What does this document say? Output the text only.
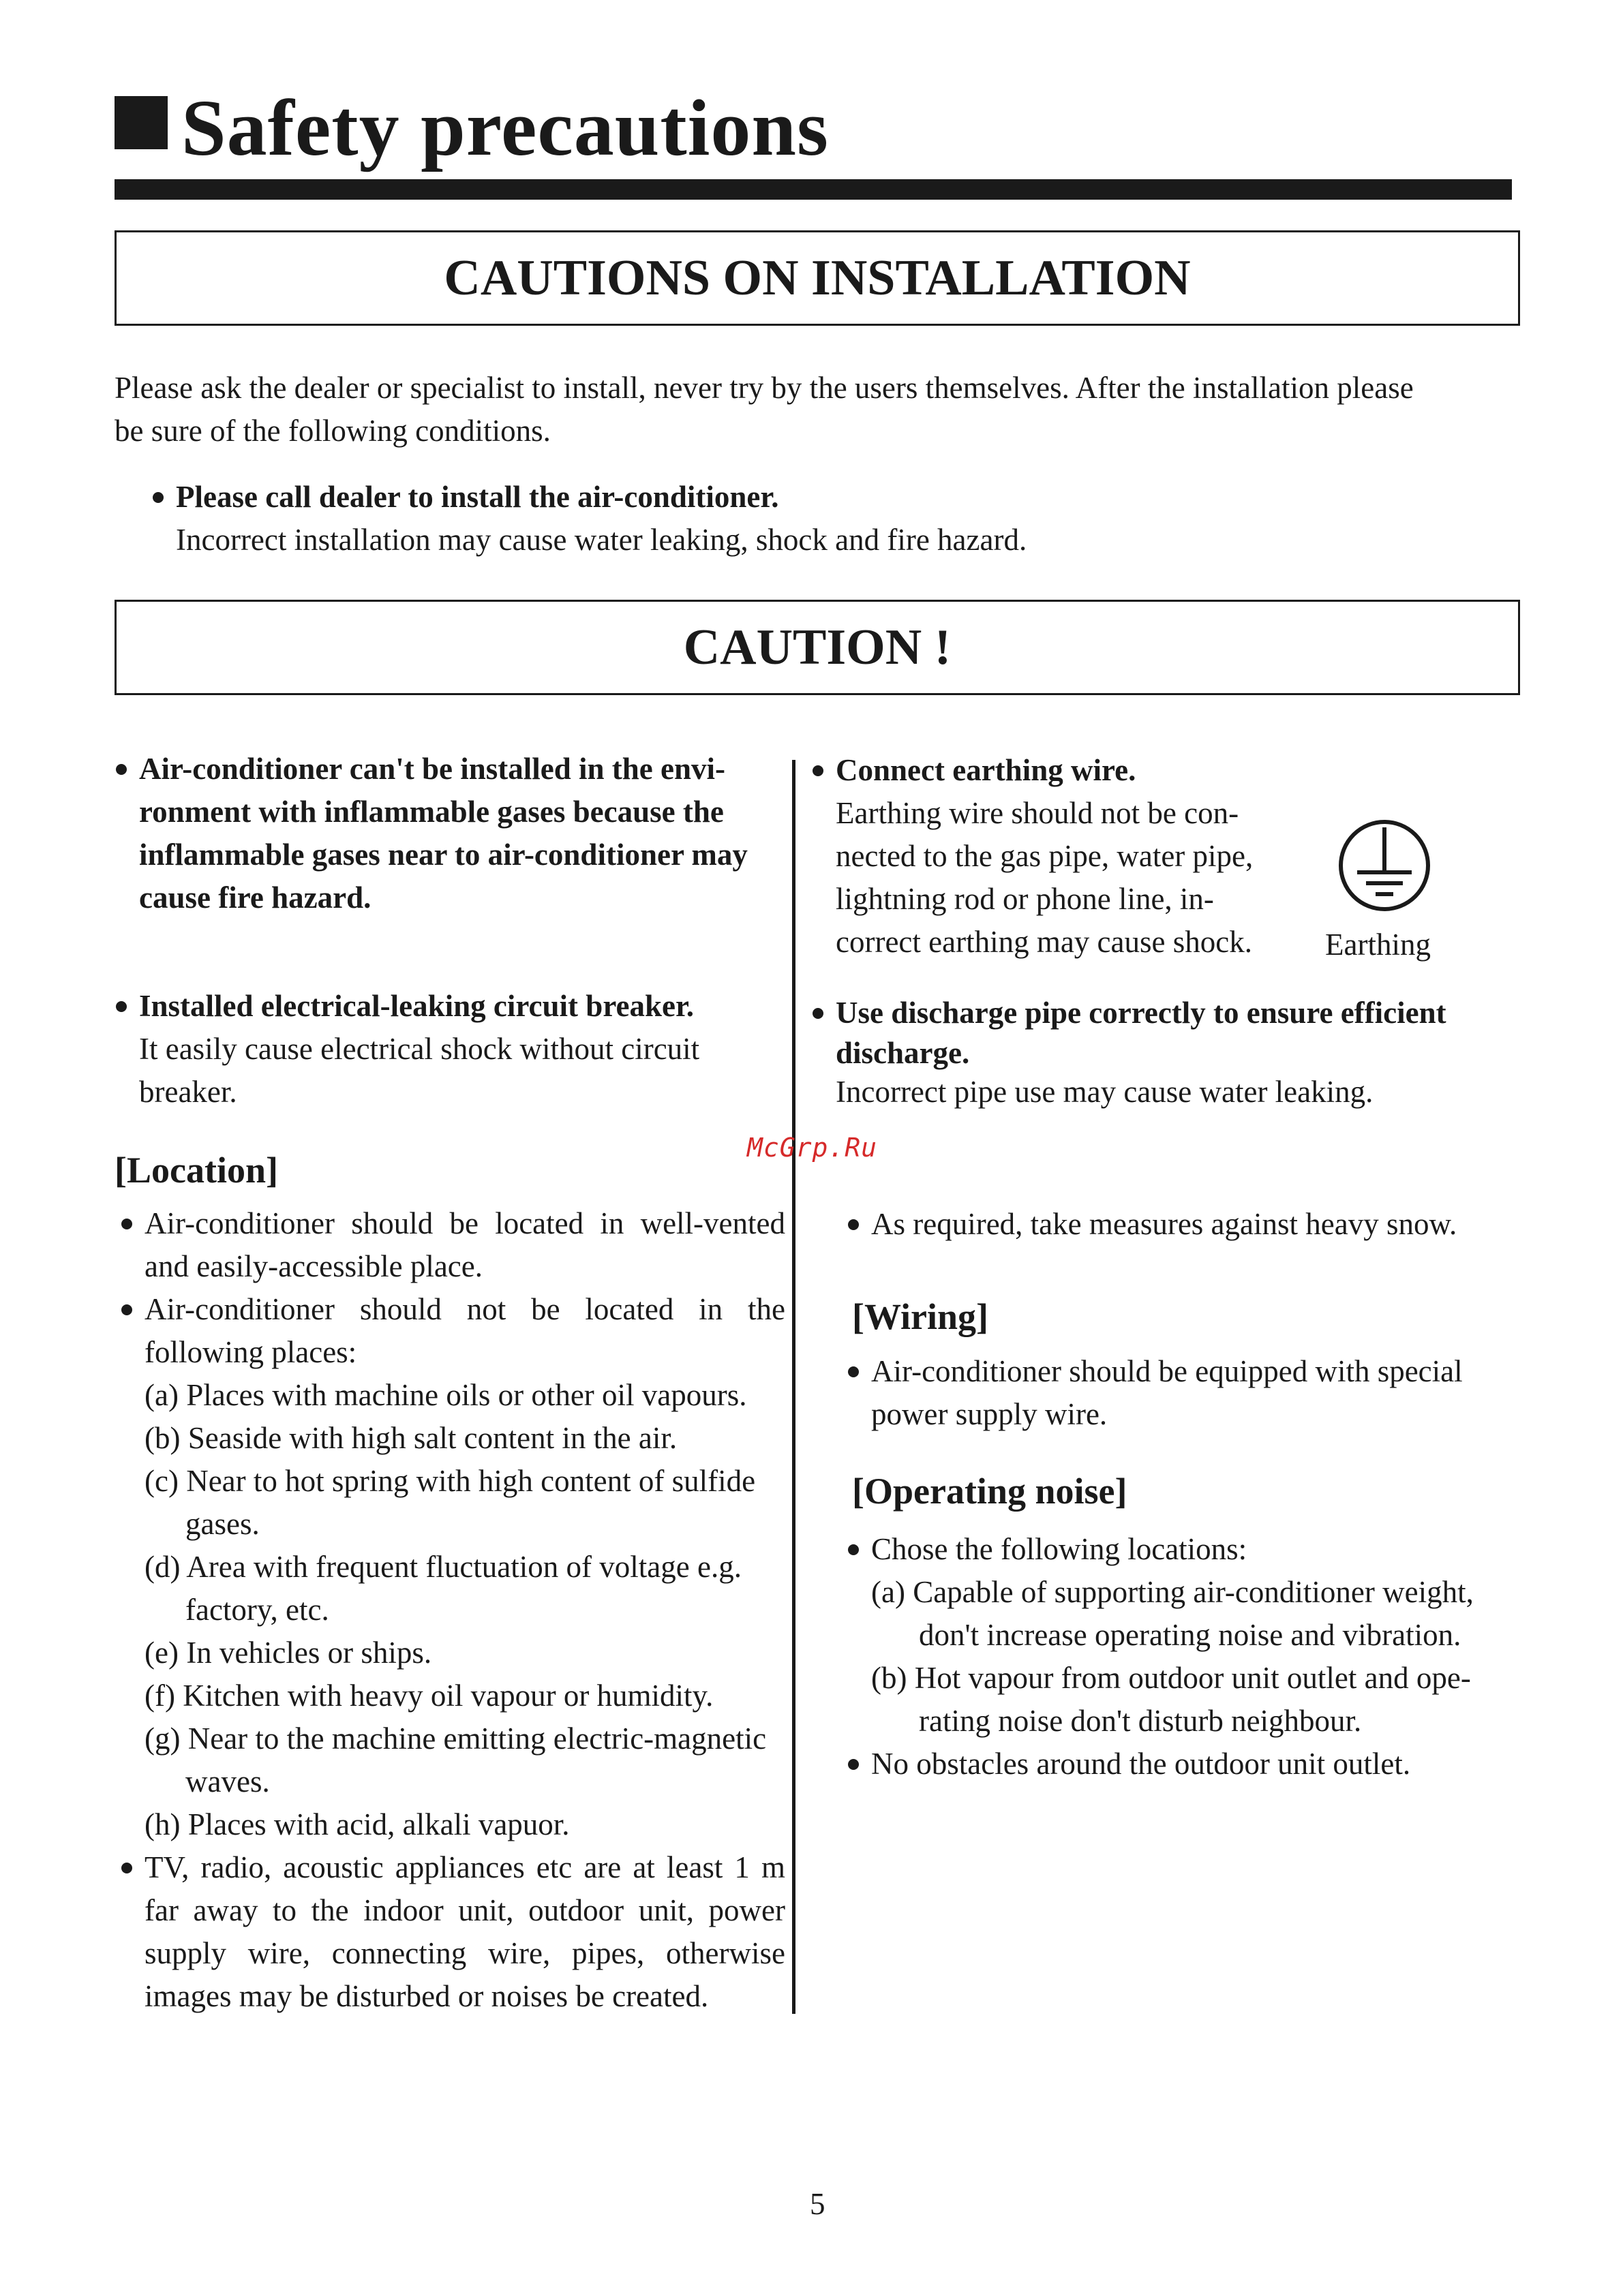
Safety precautions
CAUTIONS ON INSTALLATION
Please ask the dealer or specialist to install, never try by the users themselves. After the installation please
be sure of the following conditions.
Please call dealer to install the air-conditioner.
Incorrect installation may cause water leaking, shock and fire hazard.
CAUTION !
Air-conditioner can't be installed in the envi-
ronment with inflammable gases because the
inflammable gases near to air-conditioner may
cause fire hazard.
Installed electrical-leaking circuit breaker.
It easily cause electrical shock without circuit
breaker.
Connect earthing wire.
Earthing wire should not be con-
nected to the gas pipe, water pipe,
lightning rod or phone line, in-
correct earthing may cause shock.	Earthing
Use discharge pipe correctly to ensure efficient
discharge.
Incorrect pipe use may cause water leaking.
McGrp.Ru
[Location]
Air-conditioner should be located in well-vented
and easily-accessible place.
Air-conditioner should not be located in the
following places:
(a) Places with machine oils or other oil vapours.
(b) Seaside with high salt content in the air.
(c) Near to hot spring with high content of sulfide
gases.
(d) Area with frequent fluctuation of voltage e.g.
factory, etc.
(e) In vehicles or ships.
(f) Kitchen with heavy oil vapour or humidity.
(g) Near to the machine emitting electric-magnetic
waves.
(h) Places with acid, alkali vapuor.
TV, radio, acoustic appliances etc are at least 1 m
far away to the indoor unit, outdoor unit, power
supply wire, connecting wire, pipes, otherwise
images may be disturbed or noises be created.
As required, take measures against heavy snow.
[Wiring]
Air-conditioner should be equipped with special
power supply wire.
[Operating noise]
Chose the following locations:
(a) Capable of supporting air-conditioner weight,
don't increase operating noise and vibration.
(b) Hot vapour from outdoor unit outlet and ope-
rating noise don't disturb neighbour.
No obstacles around the outdoor unit outlet.
5
